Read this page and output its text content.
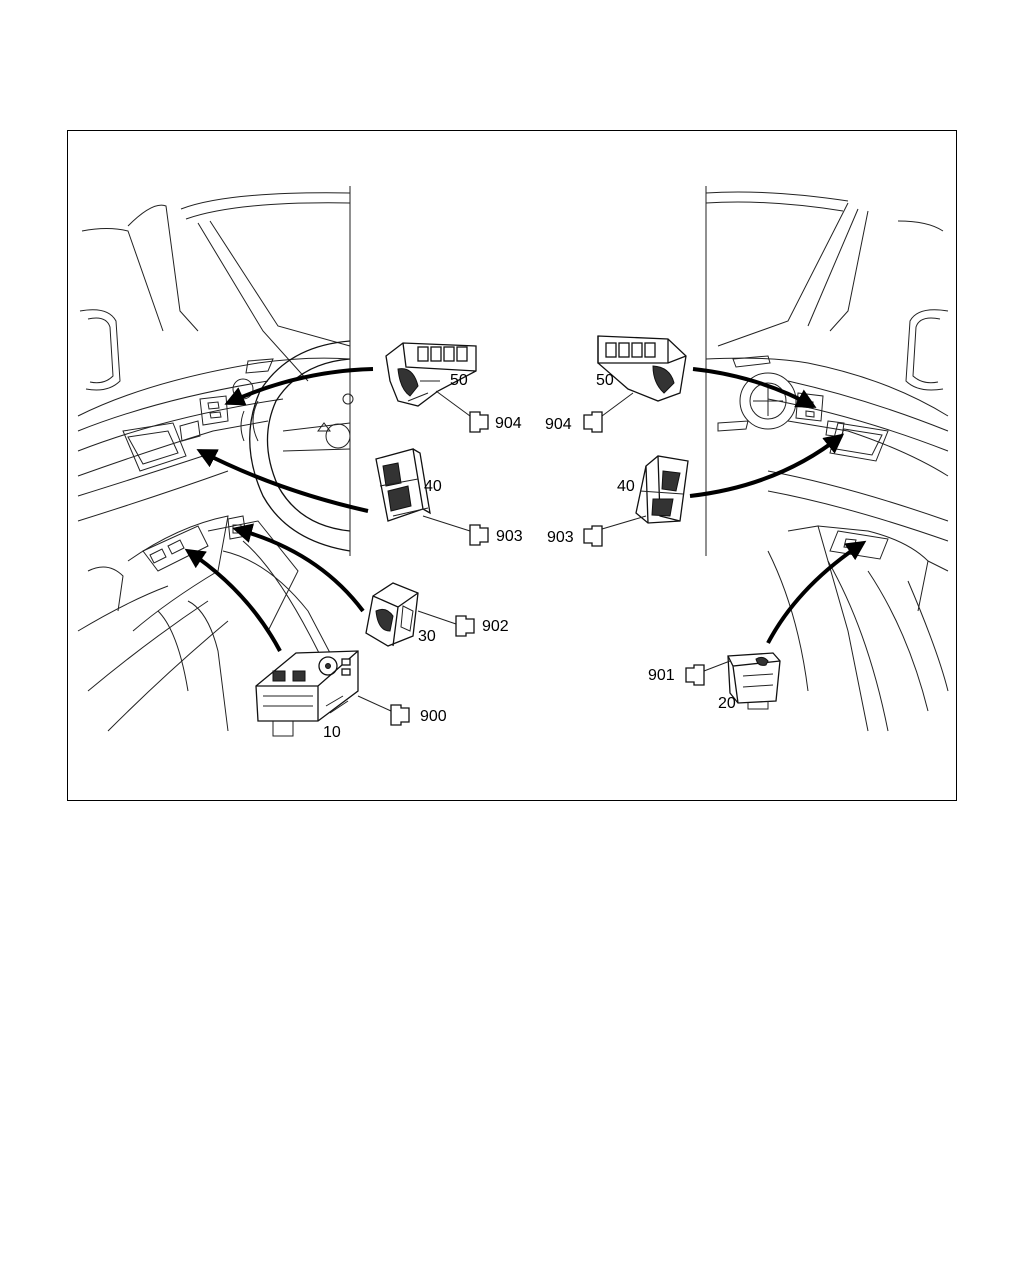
50
904
40
903
30
902
10
900
50
904
40
903
20
901
